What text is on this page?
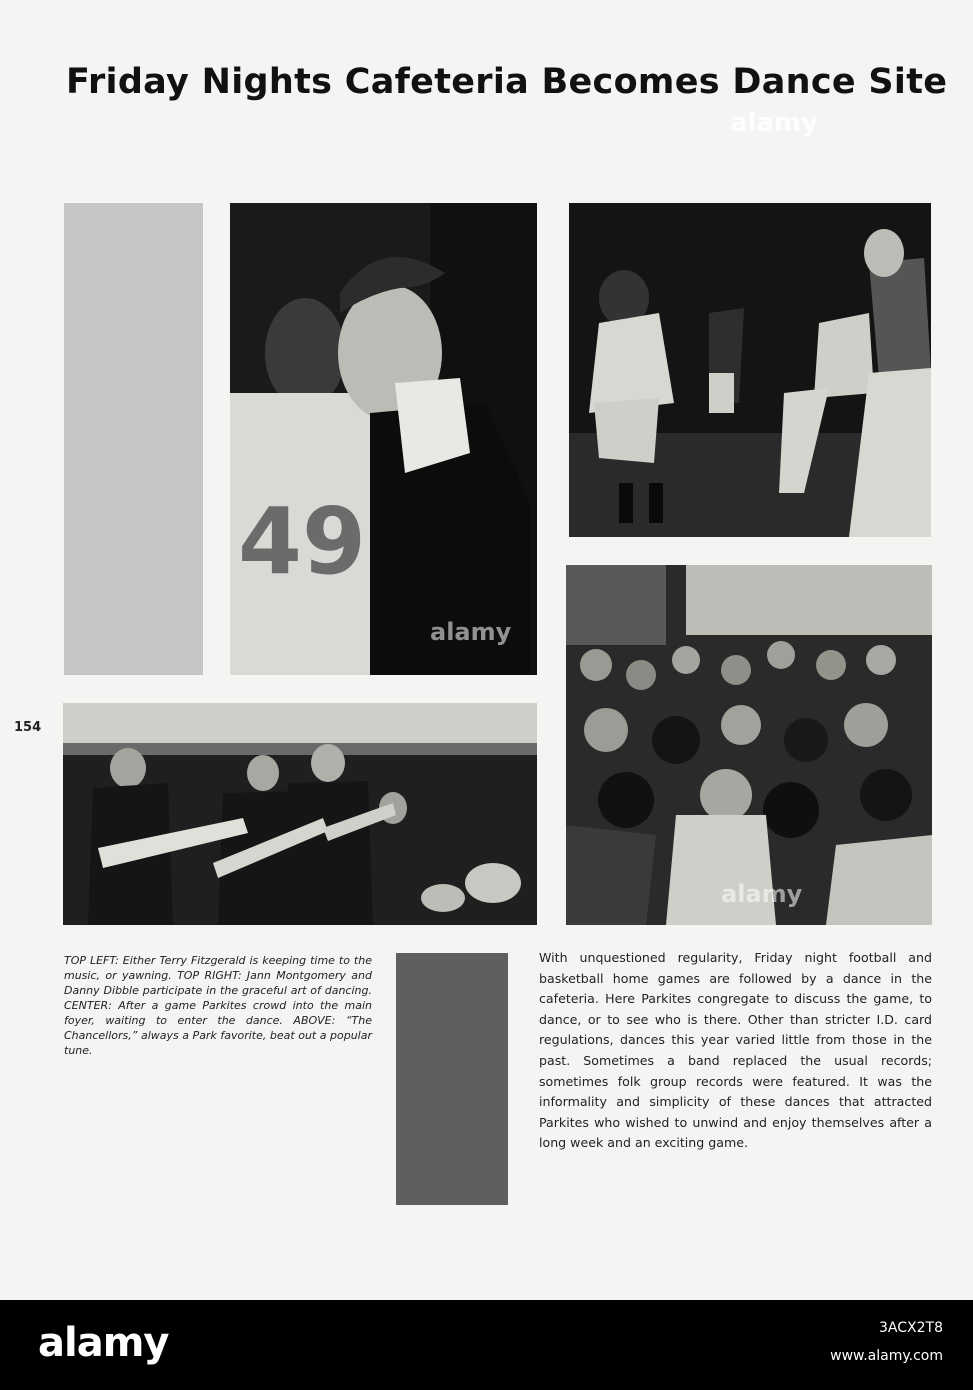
Friday Nights Cafeteria Becomes Dance Site
49
alamy
alamy
154
TOP LEFT: Either Terry Fitzgerald is keeping time to the music, or yawning. TOP RIGHT: Jann Montgomery and Danny Dibble participate in the graceful art of dancing. CENTER: After a game Parkites crowd into the main foyer, waiting to enter the dance. ABOVE: “The Chancellors,” always a Park favorite, beat out a popular tune.
With unquestioned regularity, Friday night football and basketball home games are followed by a dance in the cafeteria. Here Parkites congregate to discuss the game, to dance, or to see who is there. Other than stricter I.D. card regulations, dances this year varied little from those in the past. Sometimes a band replaced the usual records; sometimes folk group records were featured. It was the informality and simplicity of these dances that attracted Parkites who wished to unwind and enjoy themselves after a long week and an exciting game.
alamy
alamy	3ACX2T8
www.alamy.com
